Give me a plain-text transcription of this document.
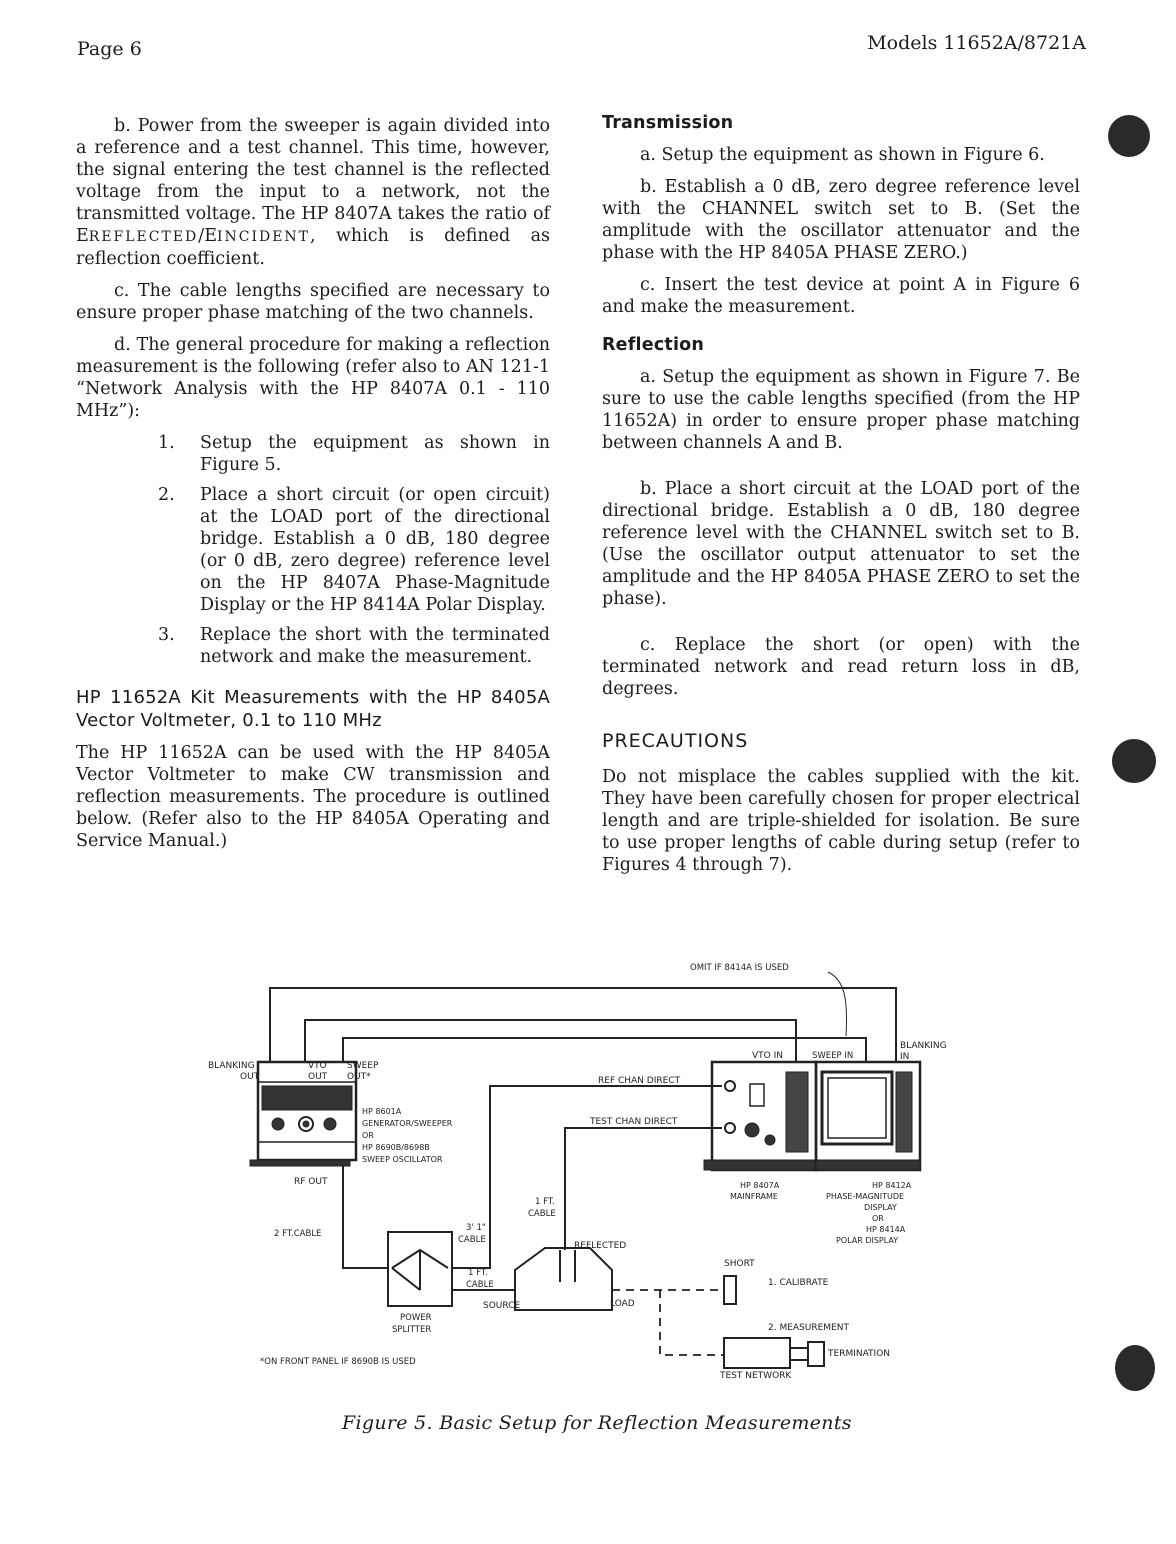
Page 6	Models 11652A/8721A

b. Power from the sweeper is again divided into a reference and a test channel. This time, however, the signal entering the test channel is the reflected voltage from the input to a network, not the transmitted voltage. The HP 8407A takes the ratio of EREFLECTED/EINCIDENT, which is defined as reflection coefficient.

c. The cable lengths specified are necessary to ensure proper phase matching of the two channels.

d. The general procedure for making a reflection measurement is the following (refer also to AN 121-1 “Network Analysis with the HP 8407A 0.1 - 110 MHz”):

1.	Setup the equipment as shown in Figure 5.
2.	Place a short circuit (or open circuit) at the LOAD port of the directional bridge. Establish a 0 dB, 180 degree (or 0 dB, zero degree) reference level on the HP 8407A Phase-Magnitude Display or the HP 8414A Polar Display.
3.	Replace the short with the terminated network and make the measurement.
HP 11652A Kit Measurements with the HP 8405A Vector Voltmeter, 0.1 to 110 MHz

The HP 11652A can be used with the HP 8405A Vector Voltmeter to make CW transmission and reflection measurements. The procedure is outlined below. (Refer also to the HP 8405A Operating and Service Manual.)

Transmission

a. Setup the equipment as shown in Figure 6.

b. Establish a 0 dB, zero degree reference level with the CHANNEL switch set to B. (Set the amplitude with the oscillator attenuator and the phase with the HP 8405A PHASE ZERO.)

c. Insert the test device at point A in Figure 6 and make the measurement.

Reflection

a. Setup the equipment as shown in Figure 7. Be sure to use the cable lengths specified (from the HP 11652A) in order to ensure proper phase matching between channels A and B.

b. Place a short circuit at the LOAD port of the directional bridge. Establish a 0 dB, 180 degree reference level with the CHANNEL switch set to B. (Use the oscillator output attenuator to set the amplitude and the HP 8405A PHASE ZERO to set the phase).

c. Replace the short (or open) with the terminated network and read return loss in dB, degrees.

PRECAUTIONS

Do not misplace the cables supplied with the kit. They have been carefully chosen for proper electrical length and are triple-shielded for isolation. Be sure to use proper lengths of cable during setup (refer to Figures 4 through 7).

OMIT IF 8414A IS USED
BLANKING
OUT
VTO
OUT
SWEEP
OUT*
VTO IN	SWEEP IN
BLANKING
IN
REF CHAN DIRECT
TEST CHAN DIRECT
HP 8601A
GENERATOR/SWEEPER
OR
HP 8690B/8698B
SWEEP OSCILLATOR
RF OUT
2 FT.CABLE
3' 1"
CABLE
1 FT.
CABLE
1 FT.
CABLE
REFLECTED
SOURCE	LOAD
POWER
SPLITTER
HP 8407A
MAINFRAME
HP 8412A
PHASE-MAGNITUDE
DISPLAY
OR
HP 8414A
POLAR DISPLAY
SHORT
1. CALIBRATE
2. MEASUREMENT
TERMINATION
TEST NETWORK
*ON FRONT PANEL IF 8690B IS USED
Figure 5. Basic Setup for Reflection Measurements
